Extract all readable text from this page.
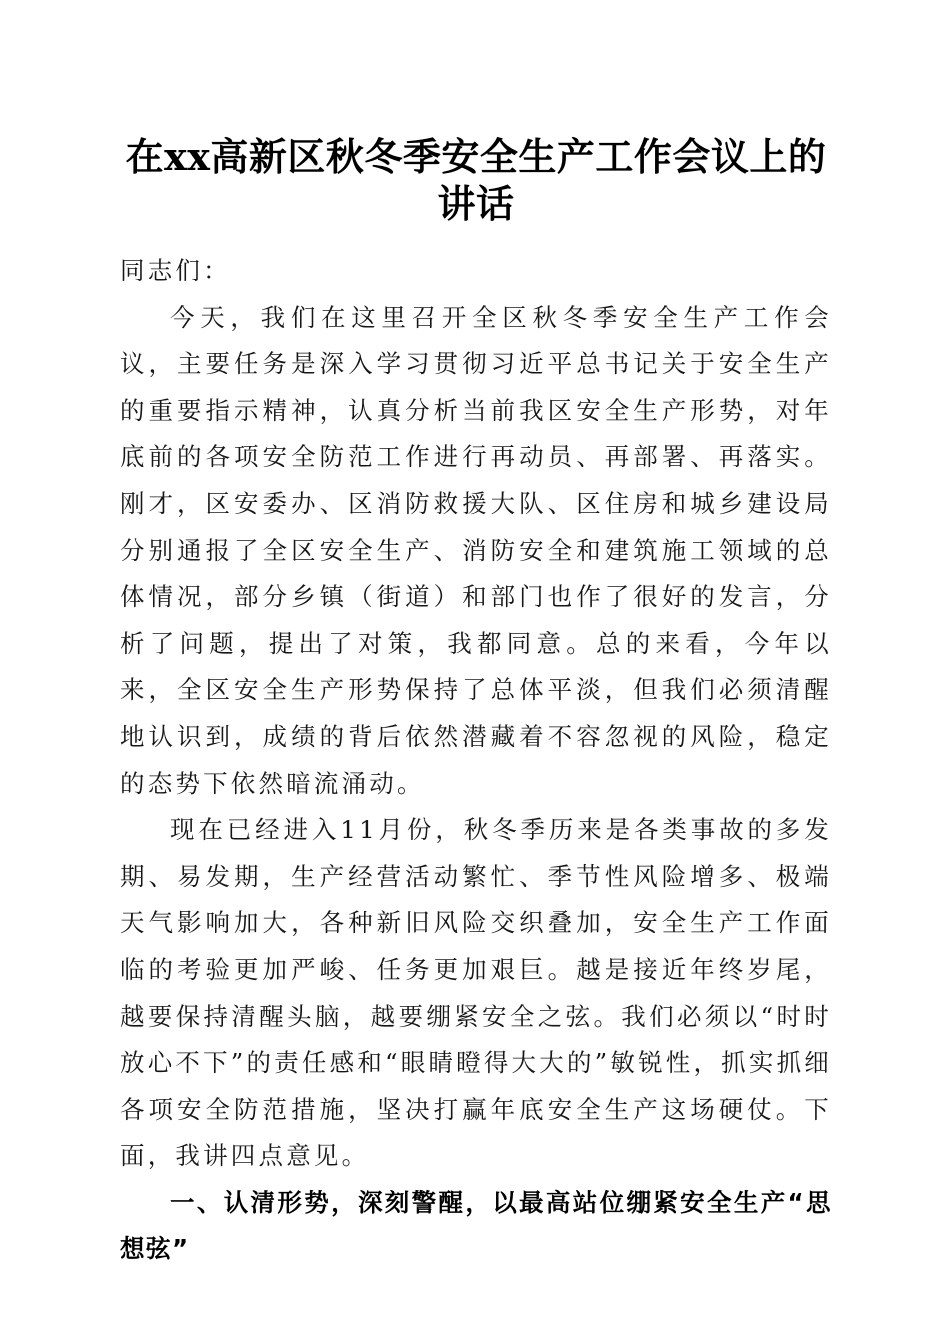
在xx高新区秋冬季安全生产工作会议上的讲话

同志们：

今天，我们在这里召开全区秋冬季安全生产工作会议，主要任务是深入学习贯彻习近平总书记关于安全生产的重要指示精神，认真分析当前我区安全生产形势，对年底前的各项安全防范工作进行再动员、再部署、再落实。刚才，区安委办、区消防救援大队、区住房和城乡建设局分别通报了全区安全生产、消防安全和建筑施工领域的总体情况，部分乡镇（街道）和部门也作了很好的发言，分析了问题，提出了对策，我都同意。总的来看，今年以来，全区安全生产形势保持了总体平淡，但我们必须清醒地认识到，成绩的背后依然潜藏着不容忽视的风险，稳定的态势下依然暗流涌动。

现在已经进入11月份，秋冬季历来是各类事故的多发期、易发期，生产经营活动繁忙、季节性风险增多、极端天气影响加大，各种新旧风险交织叠加，安全生产工作面临的考验更加严峻、任务更加艰巨。越是接近年终岁尾，越要保持清醒头脑，越要绷紧安全之弦。我们必须以“时时放心不下”的责任感和“眼睛瞪得大大的”敏锐性，抓实抓细各项安全防范措施，坚决打赢年底安全生产这场硬仗。下面，我讲四点意见。

一、认清形势，深刻警醒，以最高站位绷紧安全生产“思想弦”
